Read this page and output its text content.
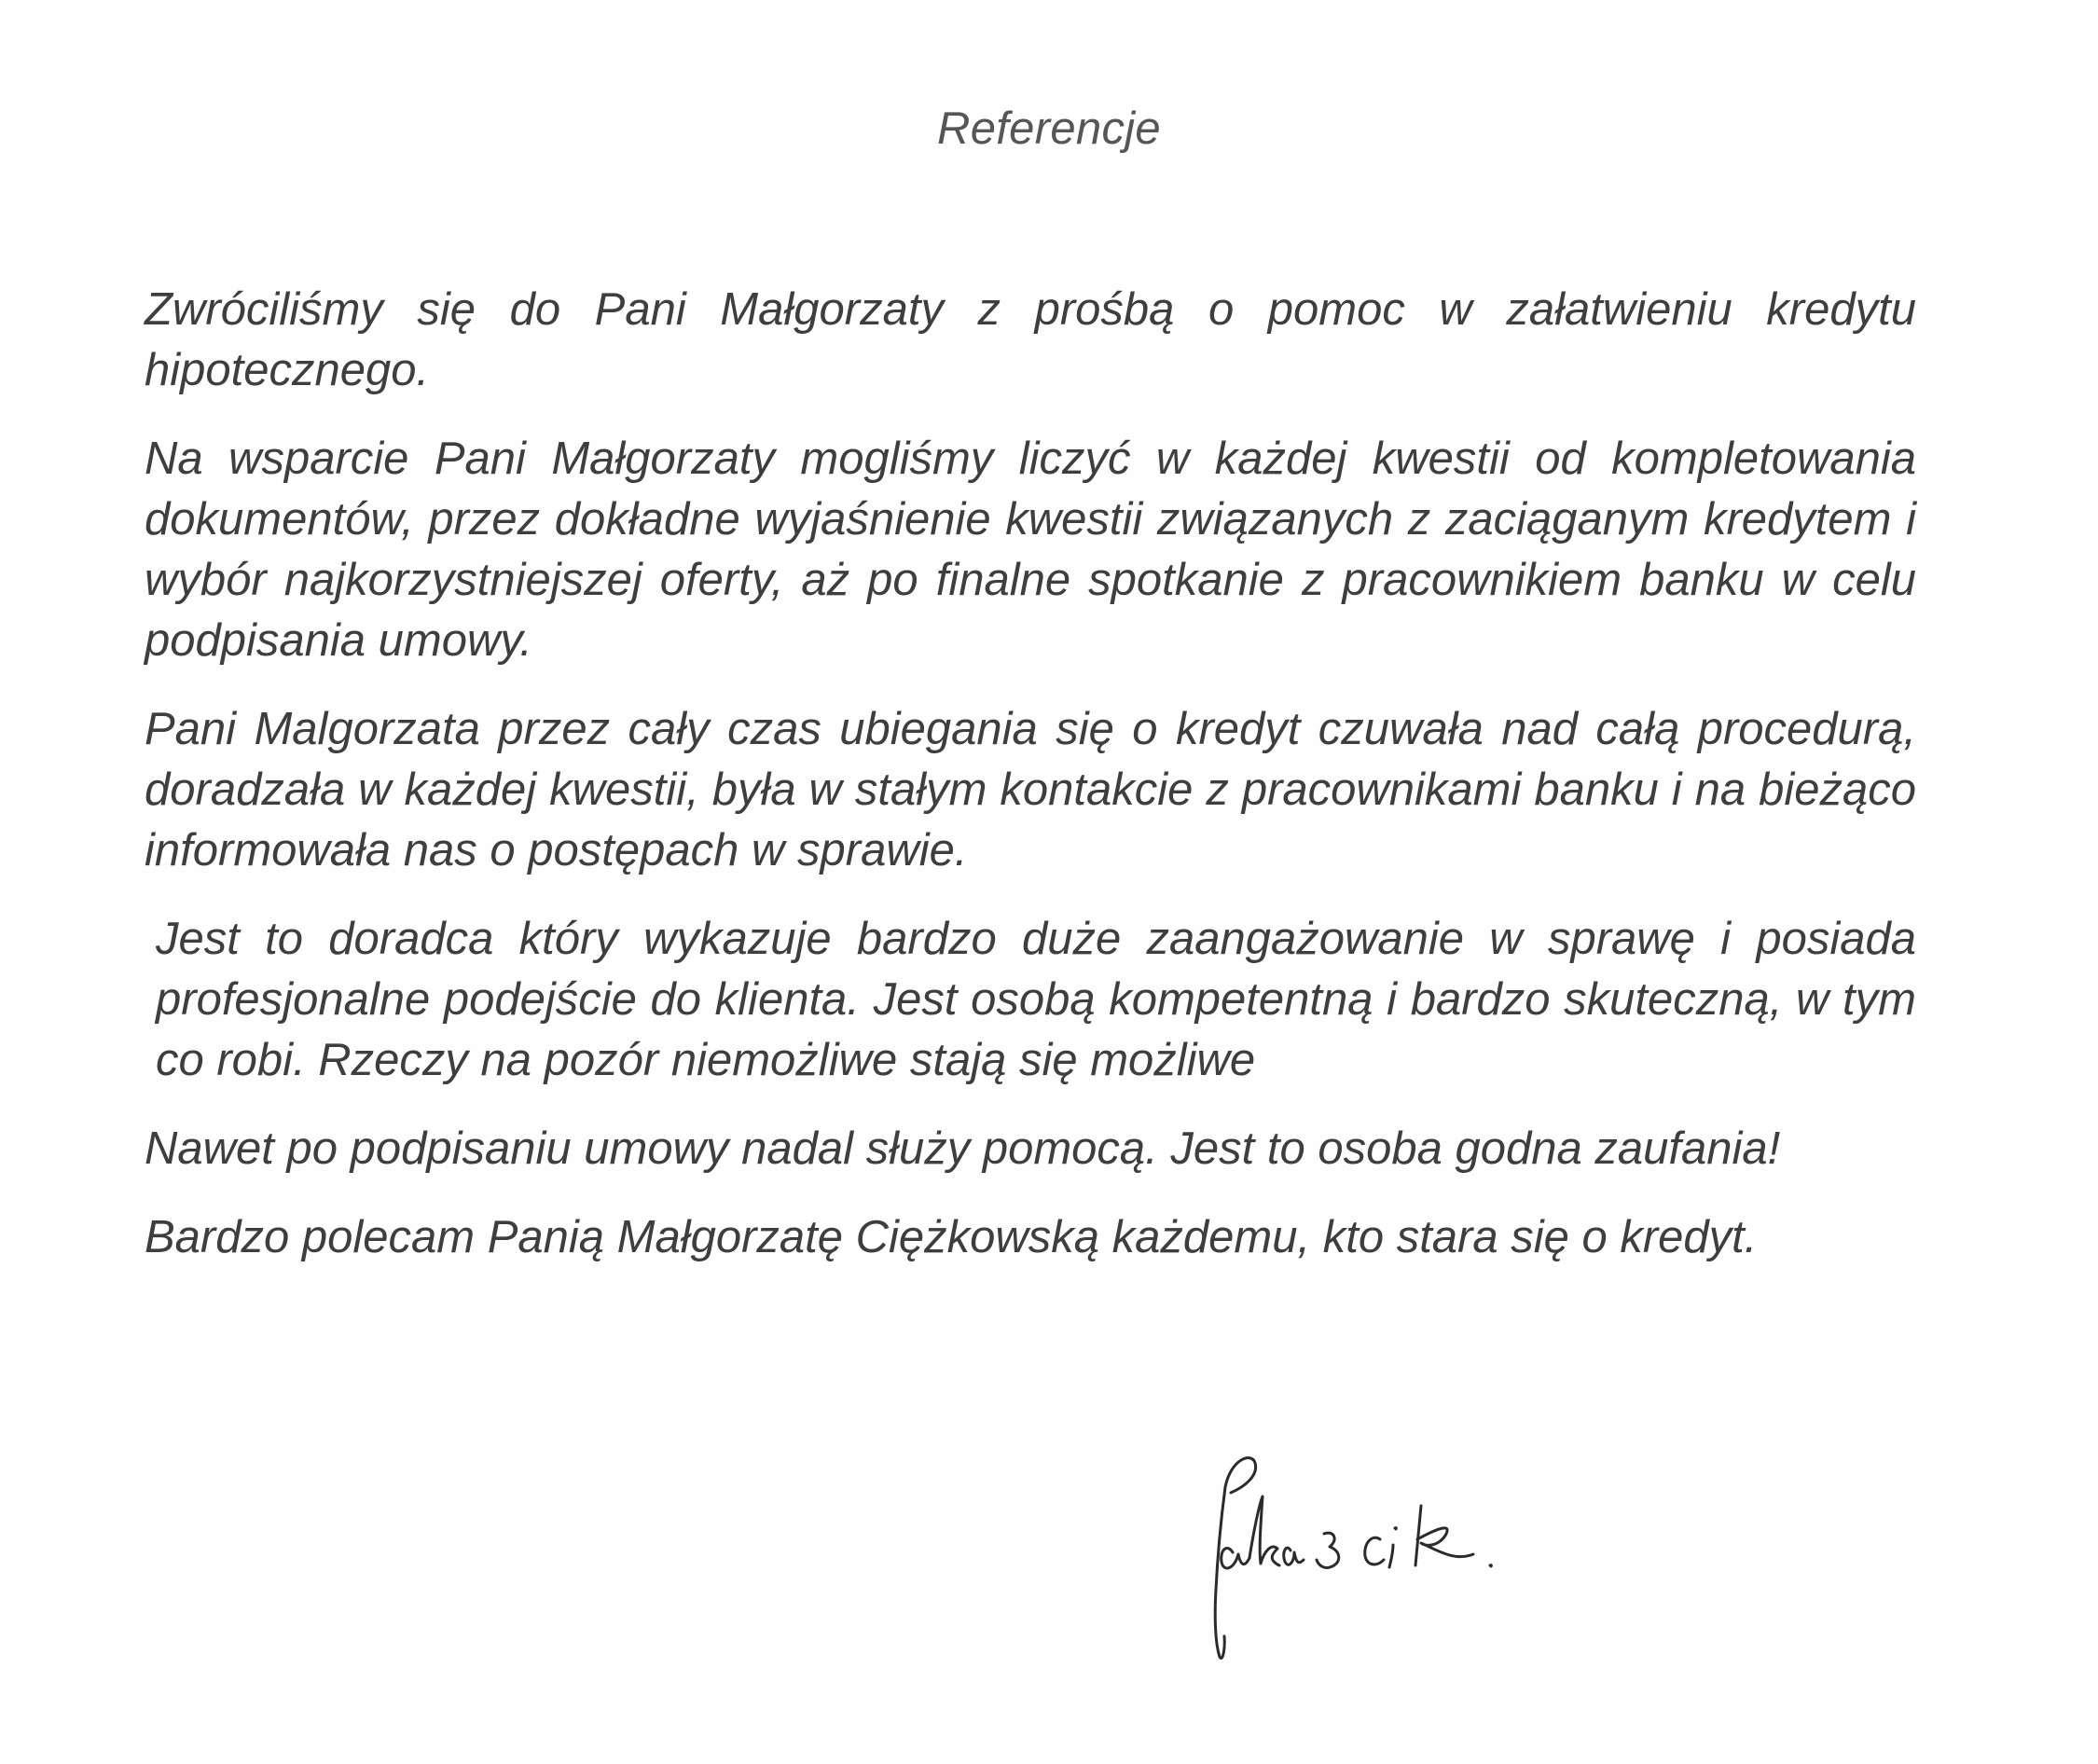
Referencje

Zwróciliśmy się do Pani Małgorzaty z prośbą o pomoc w załatwieniu kredytu hipotecznego.

Na wsparcie Pani Małgorzaty mogliśmy liczyć w każdej kwestii od kompletowania dokumentów, przez dokładne wyjaśnienie kwestii związanych z zaciąganym kredytem i wybór najkorzystniejszej oferty, aż po finalne spotkanie z pracownikiem banku w celu podpisania umowy.

Pani Malgorzata przez cały czas ubiegania się o kredyt czuwała nad całą procedurą, doradzała w każdej kwestii, była w stałym kontakcie z pracownikami banku i na bieżąco informowała nas o postępach w sprawie.

Jest to doradca który wykazuje bardzo duże zaangażowanie w sprawę i posiada profesjonalne podejście do klienta. Jest osobą kompetentną i bardzo skuteczną, w tym co robi. Rzeczy na pozór niemożliwe stają się możliwe

Nawet po podpisaniu umowy nadal służy pomocą. Jest to osoba godna zaufania!

Bardzo polecam Panią Małgorzatę Ciężkowską każdemu, kto stara się o kredyt.
